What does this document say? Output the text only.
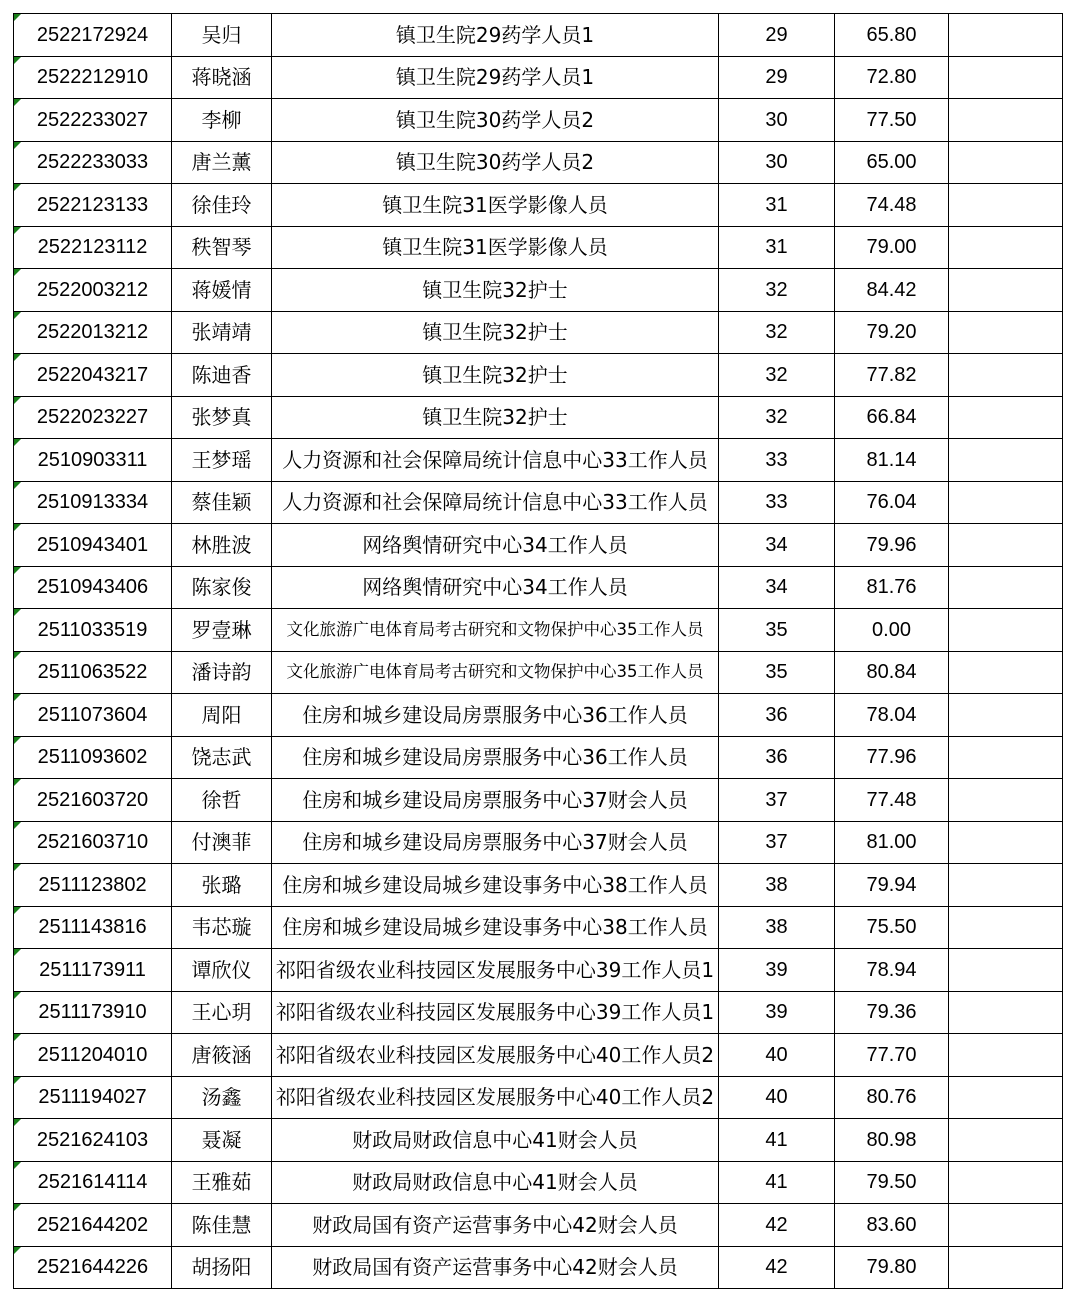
2522172924	吴归	镇卫生院29药学人员1	29	65.80	

2522212910	蒋晓涵	镇卫生院29药学人员1	29	72.80	

2522233027	李柳	镇卫生院30药学人员2	30	77.50	

2522233033	唐兰薰	镇卫生院30药学人员2	30	65.00	

2522123133	徐佳玲	镇卫生院31医学影像人员	31	74.48	

2522123112	秩智琴	镇卫生院31医学影像人员	31	79.00	

2522003212	蒋媛情	镇卫生院32护士	32	84.42	

2522013212	张靖靖	镇卫生院32护士	32	79.20	

2522043217	陈迪香	镇卫生院32护士	32	77.82	

2522023227	张梦真	镇卫生院32护士	32	66.84	

2510903311	王梦瑶	人力资源和社会保障局统计信息中心33工作人员	33	81.14	

2510913334	蔡佳颖	人力资源和社会保障局统计信息中心33工作人员	33	76.04	

2510943401	林胜波	网络舆情研究中心34工作人员	34	79.96	

2510943406	陈家俊	网络舆情研究中心34工作人员	34	81.76	

2511033519	罗壹琳	文化旅游广电体育局考古研究和文物保护中心35工作人员	35	0.00	

2511063522	潘诗韵	文化旅游广电体育局考古研究和文物保护中心35工作人员	35	80.84	

2511073604	周阳	住房和城乡建设局房票服务中心36工作人员	36	78.04	

2511093602	饶志武	住房和城乡建设局房票服务中心36工作人员	36	77.96	

2521603720	徐哲	住房和城乡建设局房票服务中心37财会人员	37	77.48	

2521603710	付澳菲	住房和城乡建设局房票服务中心37财会人员	37	81.00	

2511123802	张璐	住房和城乡建设局城乡建设事务中心38工作人员	38	79.94	

2511143816	韦芯璇	住房和城乡建设局城乡建设事务中心38工作人员	38	75.50	

2511173911	谭欣仪	祁阳省级农业科技园区发展服务中心39工作人员1	39	78.94	

2511173910	王心玥	祁阳省级农业科技园区发展服务中心39工作人员1	39	79.36	

2511204010	唐筱涵	祁阳省级农业科技园区发展服务中心40工作人员2	40	77.70	

2511194027	汤鑫	祁阳省级农业科技园区发展服务中心40工作人员2	40	80.76	

2521624103	聂凝	财政局财政信息中心41财会人员	41	80.98	

2521614114	王雅茹	财政局财政信息中心41财会人员	41	79.50	

2521644202	陈佳慧	财政局国有资产运营事务中心42财会人员	42	83.60	

2521644226	胡扬阳	财政局国有资产运营事务中心42财会人员	42	79.80	
